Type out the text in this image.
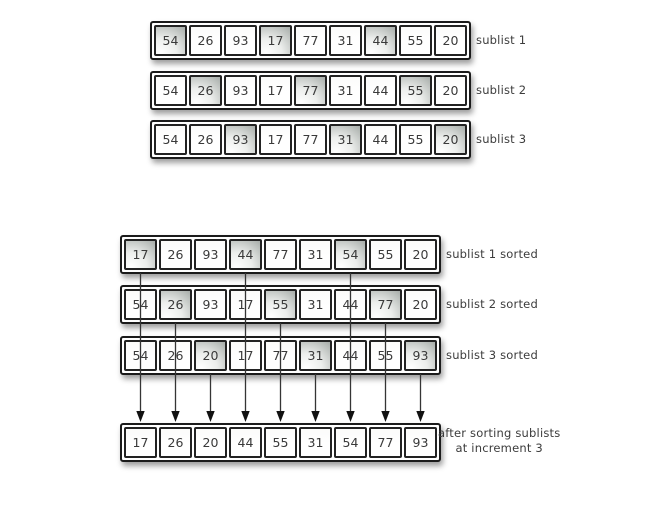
54	26	93	17	77	31	44	55	20
54	26	93	17	77	31	44	55	20
54	26	93	17	77	31	44	55	20
17	26	93	44	77	31	54	55	20
54	26	93	17	55	31	44	77	20
54	26	20	17	77	31	44	55	93
17	26	20	44	55	31	54	77	93
sublist 1
sublist 2
sublist 3
sublist 1 sorted
sublist 2 sorted
sublist 3 sorted
after sorting sublists
at increment 3
